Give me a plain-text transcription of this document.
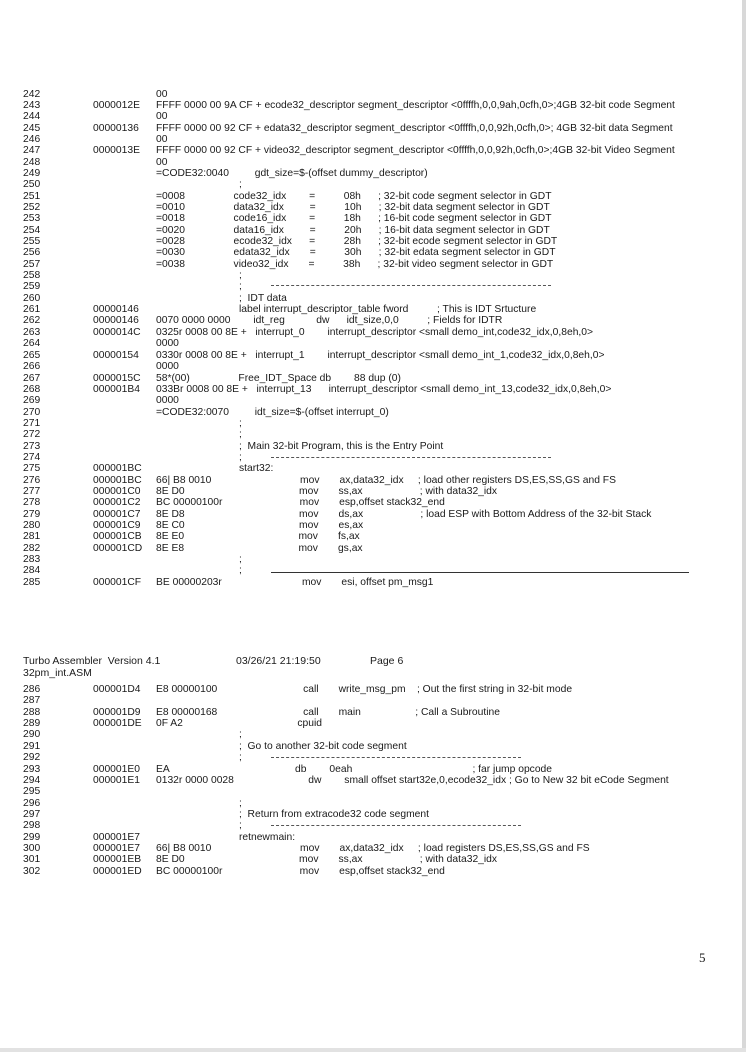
242	00
243	0000012E FFFF 0000 00 9A CF + ecode32_descriptor segment_descriptor <0ffffh,0,0,9ah,0cfh,0>;4GB 32-bit code Segment
244	00
245	00000136 FFFF 0000 00 92 CF + edata32_descriptor segment_descriptor <0ffffh,0,0,92h,0cfh,0>; 4GB 32-bit data Segment
246	00
247	0000013E FFFF 0000 00 92 CF + video32_descriptor segment_descriptor <0ffffh,0,0,92h,0cfh,0>;4GB 32-bit Video Segment
248	00
249	=CODE32:0040         gdt_size=$-(offset dummy_descriptor)
250	;
251	=0008                 code32_idx        =          08h      ; 32-bit code segment selector in GDT
252	=0010                 data32_idx         =          10h      ; 32-bit data segment selector in GDT
253	=0018                 code16_idx        =          18h      ; 16-bit code segment selector in GDT
254	=0020                 data16_idx         =          20h      ; 16-bit data segment selector in GDT
255	=0028                 ecode32_idx      =          28h      ; 32-bit ecode segment selector in GDT
256	=0030                 edata32_idx       =          30h      ; 32-bit edata segment selector in GDT
257	=0038                 video32_idx       =          38h      ; 32-bit video segment selector in GDT
258	;
259	;
260	;  IDT data
261	00000146 label interrupt_descriptor_table fword          ; This is IDT Srtucture
262	00000146 0070 0000 0000        idt_reg           dw      idt_size,0,0          ; Fields for IDTR
263	0000014C 0325r 0008 00 8E +   interrupt_0        interrupt_descriptor <small demo_int,code32_idx,0,8eh,0>
264	0000
265	00000154 0330r 0008 00 8E +   interrupt_1        interrupt_descriptor <small demo_int_1,code32_idx,0,8eh,0>
266	0000
267	0000015C 58*(00)                 Free_IDT_Space db        88 dup (0)
268	000001B4 033Br 0008 00 8E +   interrupt_13      interrupt_descriptor <small demo_int_13,code32_idx,0,8eh,0>
269	0000
270	=CODE32:0070         idt_size=$-(offset interrupt_0)
271	;
272	;
273	;  Main 32-bit Program, this is the Entry Point
274	;
275	000001BC start32:
276	000001BC 66| B8 0010                               mov       ax,data32_idx     ; load other registers DS,ES,SS,GS and FS
277	000001C0 8E D0                                        mov       ss,ax                    ; with data32_idx
278	000001C2 BC 00000100r                           mov       esp,offset stack32_end
279	000001C7 8E D8                                        mov       ds,ax                    ; load ESP with Bottom Address of the 32-bit Stack
280	000001C9 8E C0                                        mov       es,ax
281	000001CB 8E E0                                        mov       fs,ax
282	000001CD 8E E8                                        mov       gs,ax
283	;
284	;
285	000001CF BE 00000203r                            mov       esi, offset pm_msg1
286	000001D4 E8 00000100                              call       write_msg_pm    ; Out the first string in 32-bit mode
287
288	000001D9 E8 00000168                              call       main                   ; Call a Subroutine
289	000001DE 0F A2                                        cpuid
290	;
291	;  Go to another 32-bit code segment
292	;
293	000001E0 EA                                            db        0eah                                          ; far jump opcode
294	000001E1 0132r 0000 0028                          dw        small offset start32e,0,ecode32_idx ; Go to New 32 bit eCode Segment
295
296	;
297	;  Return from extracode32 code segment
298	;
299	000001E7 retnewmain:
300	000001E7 66| B8 0010                               mov       ax,data32_idx     ; load registers DS,ES,SS,GS and FS
301	000001EB 8E D0                                        mov       ss,ax                    ; with data32_idx
302	000001ED BC 00000100r                           mov       esp,offset stack32_end
Turbo Assembler  Version 4.1	03/26/21 21:19:50	Page 6
32pm_int.ASM
5
